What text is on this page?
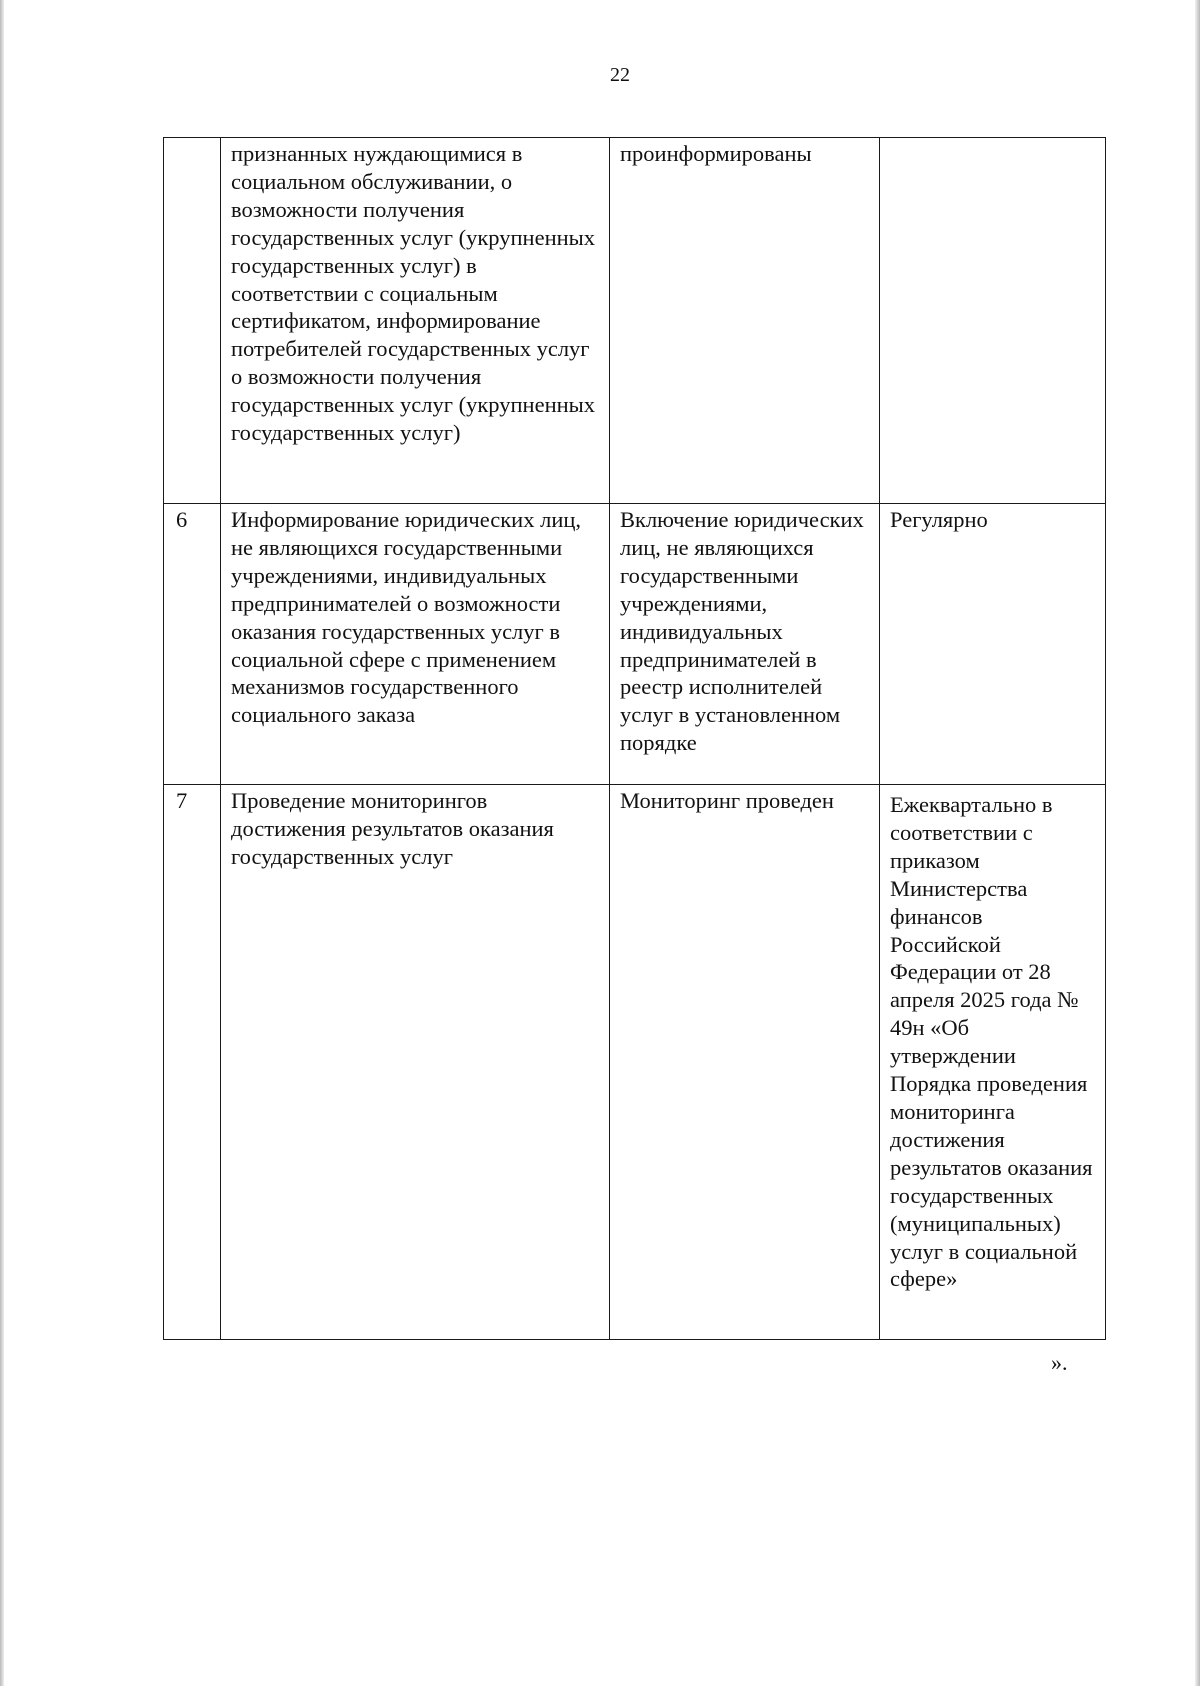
22
	признанных нуждающимися в социальном обслуживании, о возможности получения государственных услуг (укрупненных государственных услуг) в соответствии с социальным сертификатом, информирование потребителей государственных услуг о возможности получения государственных услуг (укрупненных государственных услуг)	проинформированы	
6	Информирование юридических лиц, не являющихся государственными учреждениями, индивидуальных предпринимателей о возможности оказания государственных услуг в социальной сфере с применением механизмов государственного социального заказа	Включение юридических лиц, не являющихся государственными учреждениями, индивидуальных предпринимателей в реестр исполнителей услуг в установленном порядке	Регулярно
7	Проведение мониторингов достижения результатов оказания государственных услуг	Мониторинг проведен	Ежеквартально в соответствии с приказом Министерства финансов Российской Федерации от 28 апреля 2025 года № 49н «Об утверждении Порядка проведения мониторинга достижения результатов оказания государственных (муниципальных) услуг в социальной сфере»
».
